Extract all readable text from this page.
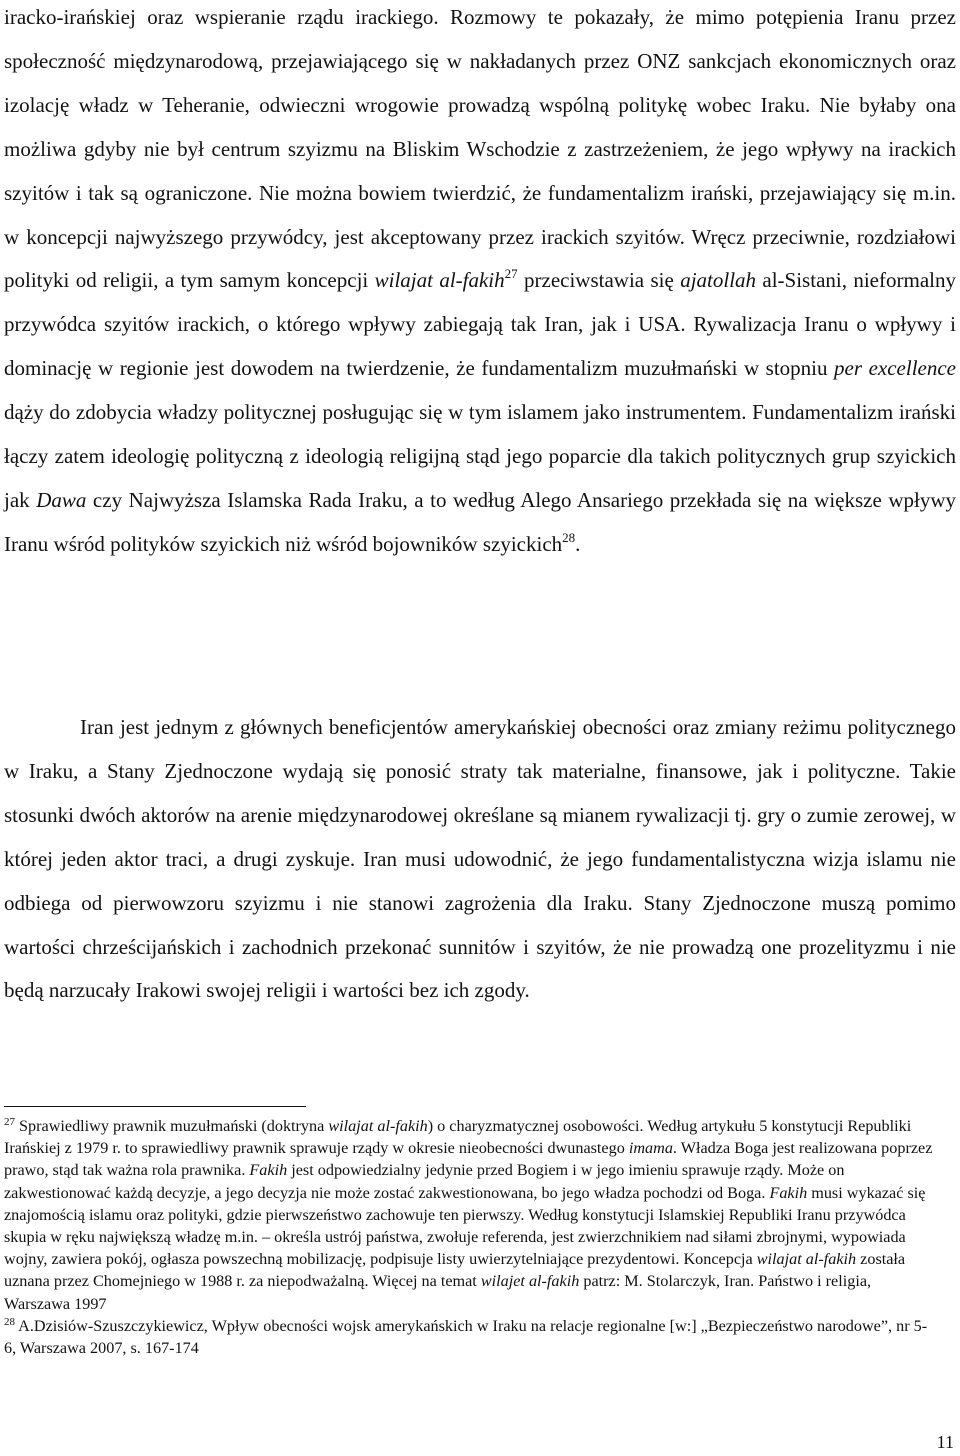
iracko-irańskiej oraz wspieranie rządu irackiego. Rozmowy te pokazały, że mimo potępienia Iranu przez społeczność międzynarodową, przejawiającego się w nakładanych przez ONZ sankcjach ekonomicznych oraz izolację władz w Teheranie, odwieczni wrogowie prowadzą wspólną politykę wobec Iraku. Nie byłaby ona możliwa gdyby nie był centrum szyizmu na Bliskim Wschodzie z zastrzeżeniem, że jego wpływy na irackich szyitów i tak są ograniczone. Nie można bowiem twierdzić, że fundamentalizm irański, przejawiający się m.in. w koncepcji najwyższego przywódcy, jest akceptowany przez irackich szyitów. Wręcz przeciwnie, rozdziałowi polityki od religii, a tym samym koncepcji wilajat al-fakih$^{27}$ przeciwstawia się ajatollah al-Sistani, nieformalny przywódca szyitów irackich, o którego wpływy zabiegają tak Iran, jak i USA. Rywalizacja Iranu o wpływy i dominację w regionie jest dowodem na twierdzenie, że fundamentalizm muzułmański w stopniu per excellence dąży do zdobycia władzy politycznej posługując się w tym islamem jako instrumentem. Fundamentalizm irański łączy zatem ideologię polityczną z ideologią religijną stąd jego poparcie dla takich politycznych grup szyickich jak Dawa czy Najwyższa Islamska Rada Iraku, a to według Alego Ansariego przekłada się na większe wpływy Iranu wśród polityków szyickich niż wśród bojowników szyickich$^{28}$.

Iran jest jednym z głównych beneficjentów amerykańskiej obecności oraz zmiany reżimu politycznego w Iraku, a Stany Zjednoczone wydają się ponosić straty tak materialne, finansowe, jak i polityczne. Takie stosunki dwóch aktorów na arenie międzynarodowej określane są mianem rywalizacji tj. gry o zumie zerowej, w której jeden aktor traci, a drugi zyskuje. Iran musi udowodnić, że jego fundamentalistyczna wizja islamu nie odbiega od pierwowzoru szyizmu i nie stanowi zagrożenia dla Iraku. Stany Zjednoczone muszą pomimo wartości chrześcijańskich i zachodnich przekonać sunnitów i szyitów, że nie prowadzą one prozelityzmu i nie będą narzucały Irakowi swojej religii i wartości bez ich zgody.

$^{27}$ Sprawiedliwy prawnik muzułmański (doktryna wilajat al-fakih) o charyzmatycznej osobowości. Według artykułu 5 konstytucji Republiki Irańskiej z 1979 r. to sprawiedliwy prawnik sprawuje rządy w okresie nieobecności dwunastego imama. Władza Boga jest realizowana poprzez prawo, stąd tak ważna rola prawnika. Fakih jest odpowiedzialny jedynie przed Bogiem i w jego imieniu sprawuje rządy. Może on zakwestionować każdą decyzje, a jego decyzja nie może zostać zakwestionowana, bo jego władza pochodzi od Boga. Fakih musi wykazać się znajomością islamu oraz polityki, gdzie pierwszeństwo zachowuje ten pierwszy. Według konstytucji Islamskiej Republiki Iranu przywódca skupia w ręku największą władzę m.in. – określa ustrój państwa, zwołuje referenda, jest zwierzchnikiem nad siłami zbrojnymi, wypowiada wojny, zawiera pokój, ogłasza powszechną mobilizację, podpisuje listy uwierzytelniające prezydentowi. Koncepcja wilajat al-fakih została uznana przez Chomejniego w 1988 r. za niepodważalną. Więcej na temat wilajet al-fakih patrz: M. Stolarczyk, Iran. Państwo i religia, Warszawa 1997

$^{28}$ A.Dzisiów-Szuszczykiewicz, Wpływ obecności wojsk amerykańskich w Iraku na relacje regionalne [w:] „Bezpieczeństwo narodowe”, nr 5-6, Warszawa 2007, s. 167-174

11
